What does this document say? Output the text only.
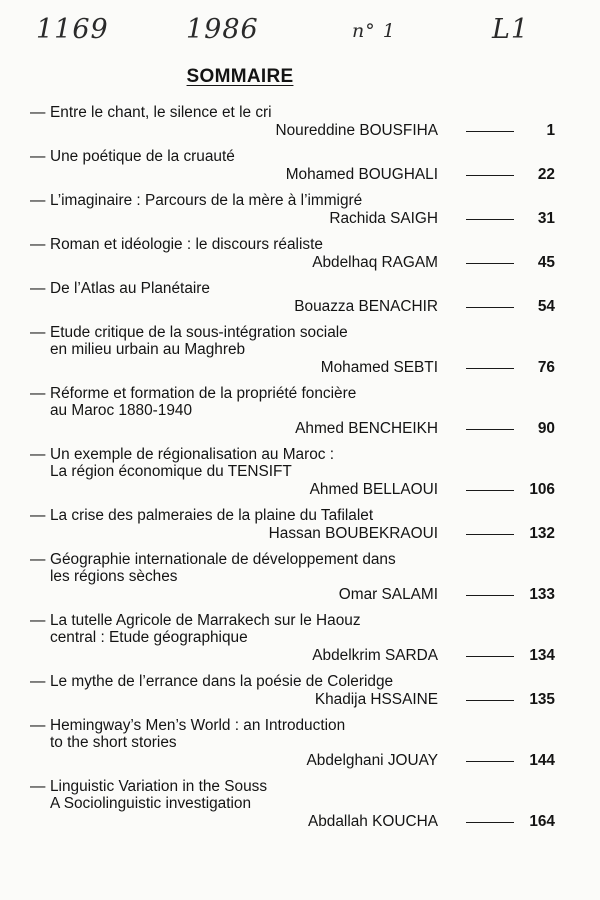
1169	1986	n° 1	L1
SOMMAIRE
— Entre le chant, le silence et le cri
Noureddine BOUSFIHA	1
— Une poétique de la cruauté
Mohamed BOUGHALI	22
— L’imaginaire : Parcours de la mère à l’immigré
Rachida SAIGH	31
— Roman et idéologie : le discours réaliste
Abdelhaq RAGAM	45
— De l’Atlas au Planétaire
Bouazza BENACHIR	54
— Etude critique de la sous-intégration sociale
en milieu urbain au Maghreb
Mohamed SEBTI	76
— Réforme et formation de la propriété foncière
au Maroc 1880-1940
Ahmed BENCHEIKH	90
— Un exemple de régionalisation au Maroc :
La région économique du TENSIFT
Ahmed BELLAOUI	106
— La crise des palmeraies de la plaine du Tafilalet
Hassan BOUBEKRAOUI	132
— Géographie internationale de développement dans
les régions sèches
Omar SALAMI	133
— La tutelle Agricole de Marrakech sur le Haouz
central : Etude géographique
Abdelkrim SARDA	134
— Le mythe de l’errance dans la poésie de Coleridge
Khadija HSSAINE	135
— Hemingway’s Men’s World : an Introduction
to the short stories
Abdelghani JOUAY	144
— Linguistic Variation in the Souss
A Sociolinguistic investigation
Abdallah KOUCHA	164
